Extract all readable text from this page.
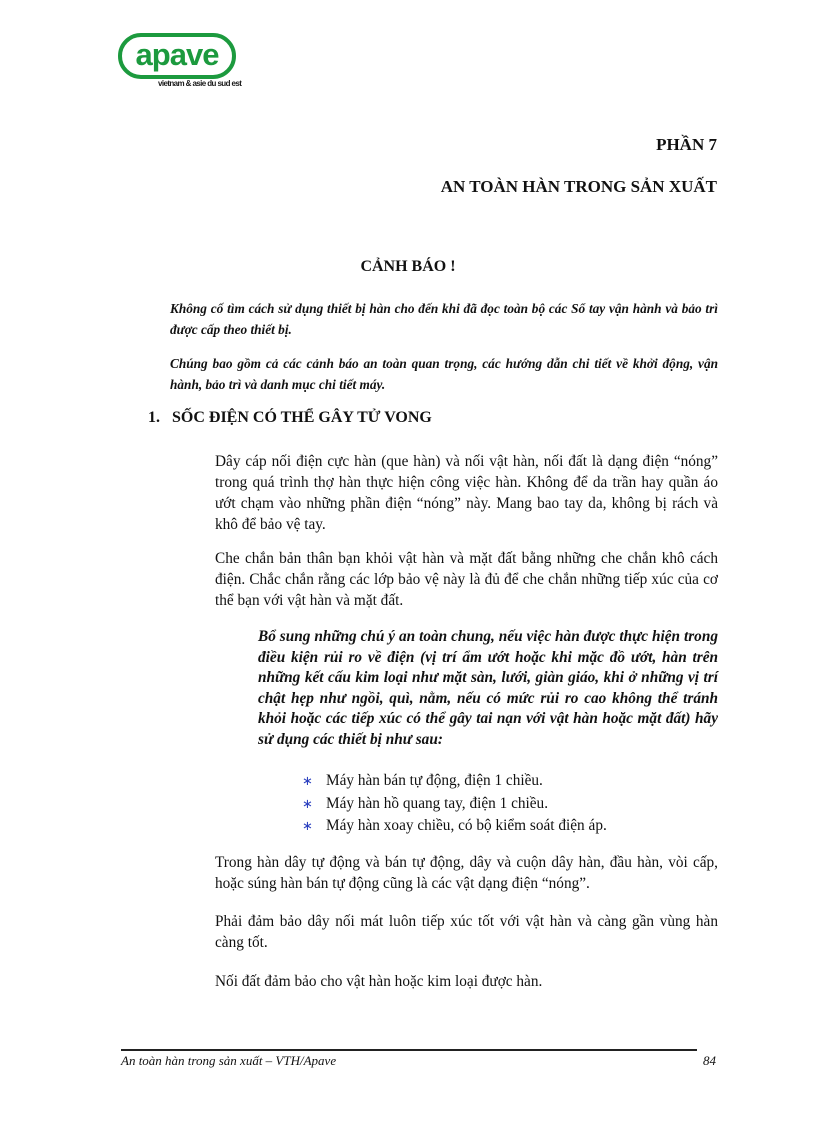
apave
vietnam & asie du sud est
PHẦN 7
AN TOÀN HÀN TRONG SẢN XUẤT
CẢNH BÁO !
Không cố tìm cách sử dụng thiết bị hàn cho đến khi đã đọc toàn bộ các Sổ tay vận hành và bảo trì được cấp theo thiết bị.
Chúng bao gồm cả các cảnh báo an toàn quan trọng, các hướng dẫn chi tiết về khởi động, vận hành, bảo trì và danh mục chi tiết máy.
1. SỐC ĐIỆN CÓ THỂ GÂY TỬ VONG
Dây cáp nối điện cực hàn (que hàn) và nối vật hàn, nối đất là dạng điện “nóng” trong quá trình thợ hàn thực hiện công việc hàn. Không để da trần hay quần áo ướt chạm vào những phần điện “nóng” này. Mang bao tay da, không bị rách và khô để bảo vệ tay.
Che chắn bản thân bạn khỏi vật hàn và mặt đất bằng những che chắn khô cách điện. Chắc chắn rằng các lớp bảo vệ này là đủ để che chắn những tiếp xúc của cơ thể bạn với vật hàn và mặt đất.
Bổ sung những chú ý an toàn chung, nếu việc hàn được thực hiện trong điều kiện rủi ro về điện (vị trí ẩm ướt hoặc khi mặc đồ ướt, hàn trên những kết cấu kim loại như mặt sàn, lưới, giàn giáo, khi ở những vị trí chật hẹp như ngồi, quì, nằm, nếu có mức rủi ro cao không thể tránh khỏi hoặc các tiếp xúc có thể gây tai nạn với vật hàn hoặc mặt đất) hãy sử dụng các thiết bị như sau:
∗ Máy hàn bán tự động, điện 1 chiều.
∗ Máy hàn hồ quang tay, điện 1 chiều.
∗ Máy hàn xoay chiều, có bộ kiểm soát điện áp.
Trong hàn dây tự động và bán tự động, dây và cuộn dây hàn, đầu hàn, vòi cấp, hoặc súng hàn bán tự động cũng là các vật dạng điện “nóng”.
Phải đảm bảo dây nối mát luôn tiếp xúc tốt với vật hàn và càng gần vùng hàn càng tốt.
Nối đất đảm bảo cho vật hàn hoặc kim loại được hàn.
An toàn hàn trong sản xuất – VTH/Apave	84
